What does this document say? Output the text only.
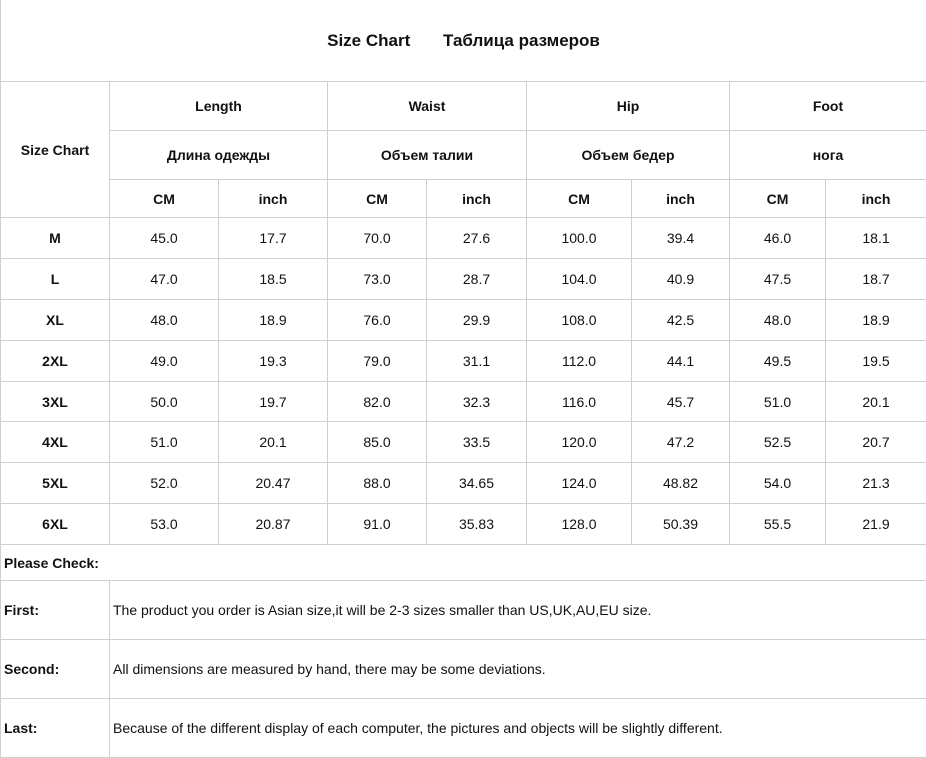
Size Chart Таблица размеров								
Size Chart	Length		Waist		Hip		Foot	
	Длина одежды		Объем талии		Объем бедер		нога	
	CM	inch	CM	inch	CM	inch	CM	inch
M	45.0	17.7	70.0	27.6	100.0	39.4	46.0	18.1
L	47.0	18.5	73.0	28.7	104.0	40.9	47.5	18.7
XL	48.0	18.9	76.0	29.9	108.0	42.5	48.0	18.9
2XL	49.0	19.3	79.0	31.1	112.0	44.1	49.5	19.5
3XL	50.0	19.7	82.0	32.3	116.0	45.7	51.0	20.1
4XL	51.0	20.1	85.0	33.5	120.0	47.2	52.5	20.7
5XL	52.0	20.47	88.0	34.65	124.0	48.82	54.0	21.3
6XL	53.0	20.87	91.0	35.83	128.0	50.39	55.5	21.9
Please Check:								
First:	The product you order is Asian size,it will be 2-3 sizes smaller than US,UK,AU,EU size.							
Second:	All dimensions are measured by hand, there may be some deviations.							
Last:	Because of the different display of each computer, the pictures and objects will be slightly different.							
